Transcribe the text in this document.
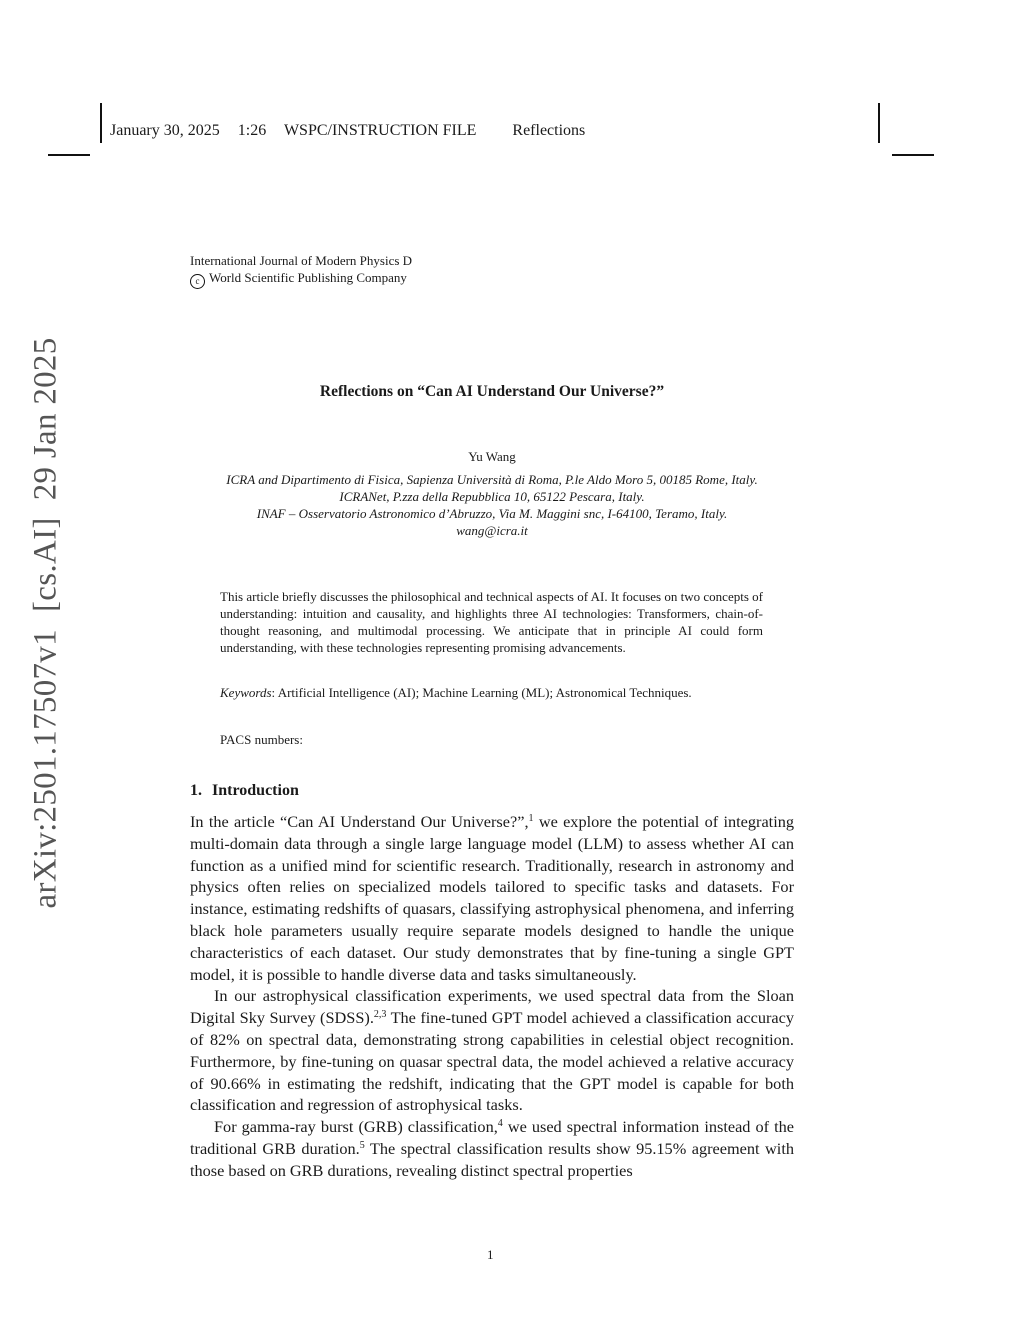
January 30, 2025 1:26 WSPC/INSTRUCTION FILE Reflections
International Journal of Modern Physics D
c World Scientific Publishing Company
arXiv:2501.17507v1  [cs.AI]  29 Jan 2025	Reflections on “Can AI Understand Our Universe?”
Yu Wang
ICRA and Dipartimento di Fisica, Sapienza Università di Roma, P.le Aldo Moro 5, 00185 Rome, Italy.
ICRANet, P.zza della Repubblica 10, 65122 Pescara, Italy.
INAF – Osservatorio Astronomico d’Abruzzo, Via M. Maggini snc, I-64100, Teramo, Italy.
wang@icra.it
This article briefly discusses the philosophical and technical aspects of AI. It focuses on two concepts of understanding: intuition and causality, and highlights three AI technologies: Transformers, chain-of-thought reasoning, and multimodal processing. We anticipate that in principle AI could form understanding, with these technologies representing promising advancements.
Keywords: Artificial Intelligence (AI); Machine Learning (ML); Astronomical Techniques.
PACS numbers:
1. Introduction

In the article “Can AI Understand Our Universe?”,$^1$ we explore the potential of integrating multi-domain data through a single large language model (LLM) to assess whether AI can function as a unified mind for scientific research. Traditionally, research in astronomy and physics often relies on specialized models tailored to specific tasks and datasets. For instance, estimating redshifts of quasars, classifying astrophysical phenomena, and inferring black hole parameters usually require separate models designed to handle the unique characteristics of each dataset. Our study demonstrates that by fine-tuning a single GPT model, it is possible to handle diverse data and tasks simultaneously.

In our astrophysical classification experiments, we used spectral data from the Sloan Digital Sky Survey (SDSS).$^{2,3}$ The fine-tuned GPT model achieved a classification accuracy of 82% on spectral data, demonstrating strong capabilities in celestial object recognition. Furthermore, by fine-tuning on quasar spectral data, the model achieved a relative accuracy of 90.66% in estimating the redshift, indicating that the GPT model is capable for both classification and regression of astrophysical tasks.

For gamma-ray burst (GRB) classification,$^4$ we used spectral information instead of the traditional GRB duration.$^5$ The spectral classification results show 95.15% agreement with those based on GRB durations, revealing distinct spectral properties

1
